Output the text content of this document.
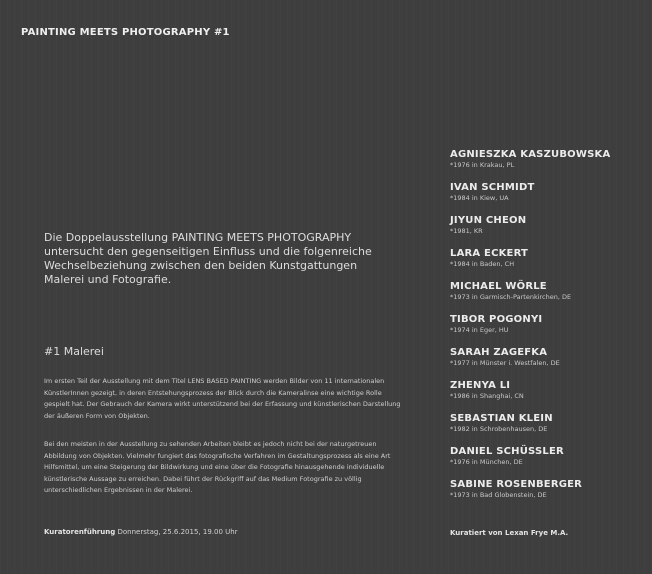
PAINTING MEETS PHOTOGRAPHY #1
Die Doppelausstellung PAINTING MEETS PHOTOGRAPHY untersucht den gegenseitigen Einfluss und die folgenreiche Wechselbeziehung zwischen den beiden Kunstgattungen Malerei und Fotografie.
#1 Malerei
Im ersten Teil der Ausstellung mit dem Titel LENS BASED PAINTING werden Bilder von 11 internationalen KünstlerInnen gezeigt, in deren Entstehungsprozess der Blick durch die Kameralinse eine wichtige Rolle gespielt hat. Der Gebrauch der Kamera wirkt unterstützend bei der Erfassung und künstlerischen Darstellung der äußeren Form von Objekten.
Bei den meisten in der Ausstellung zu sehenden Arbeiten bleibt es jedoch nicht bei der naturgetreuen Abbildung von Objekten. Vielmehr fungiert das fotografische Verfahren im Gestaltungsprozess als eine Art Hilfsmittel, um eine Steigerung der Bildwirkung und eine über die Fotografie hinausgehende individuelle künstlerische Aussage zu erreichen. Dabei führt der Rückgriff auf das Medium Fotografie zu völlig unterschiedlichen Ergebnissen in der Malerei.
Kuratorenführung Donnerstag, 25.6.2015, 19.00 Uhr
AGNIESZKA KASZUBOWSKA
*1976 in Krakau, PL
IVAN SCHMIDT
*1984 in Kiew, UA
JIYUN CHEON
*1981, KR
LARA ECKERT
*1984 in Baden, CH
MICHAEL WÖRLE
*1973 in Garmisch-Partenkirchen, DE
TIBOR POGONYI
*1974 in Eger, HU
SARAH ZAGEFKA
*1977 in Münster i. Westfalen, DE
ZHENYA LI
*1986 in Shanghai, CN
SEBASTIAN KLEIN
*1982 in Schrobenhausen, DE
DANIEL SCHÜSSLER
*1976 in München, DE
SABINE ROSENBERGER
*1973 in Bad Globenstein, DE
Kuratiert von Lexan Frye M.A.
